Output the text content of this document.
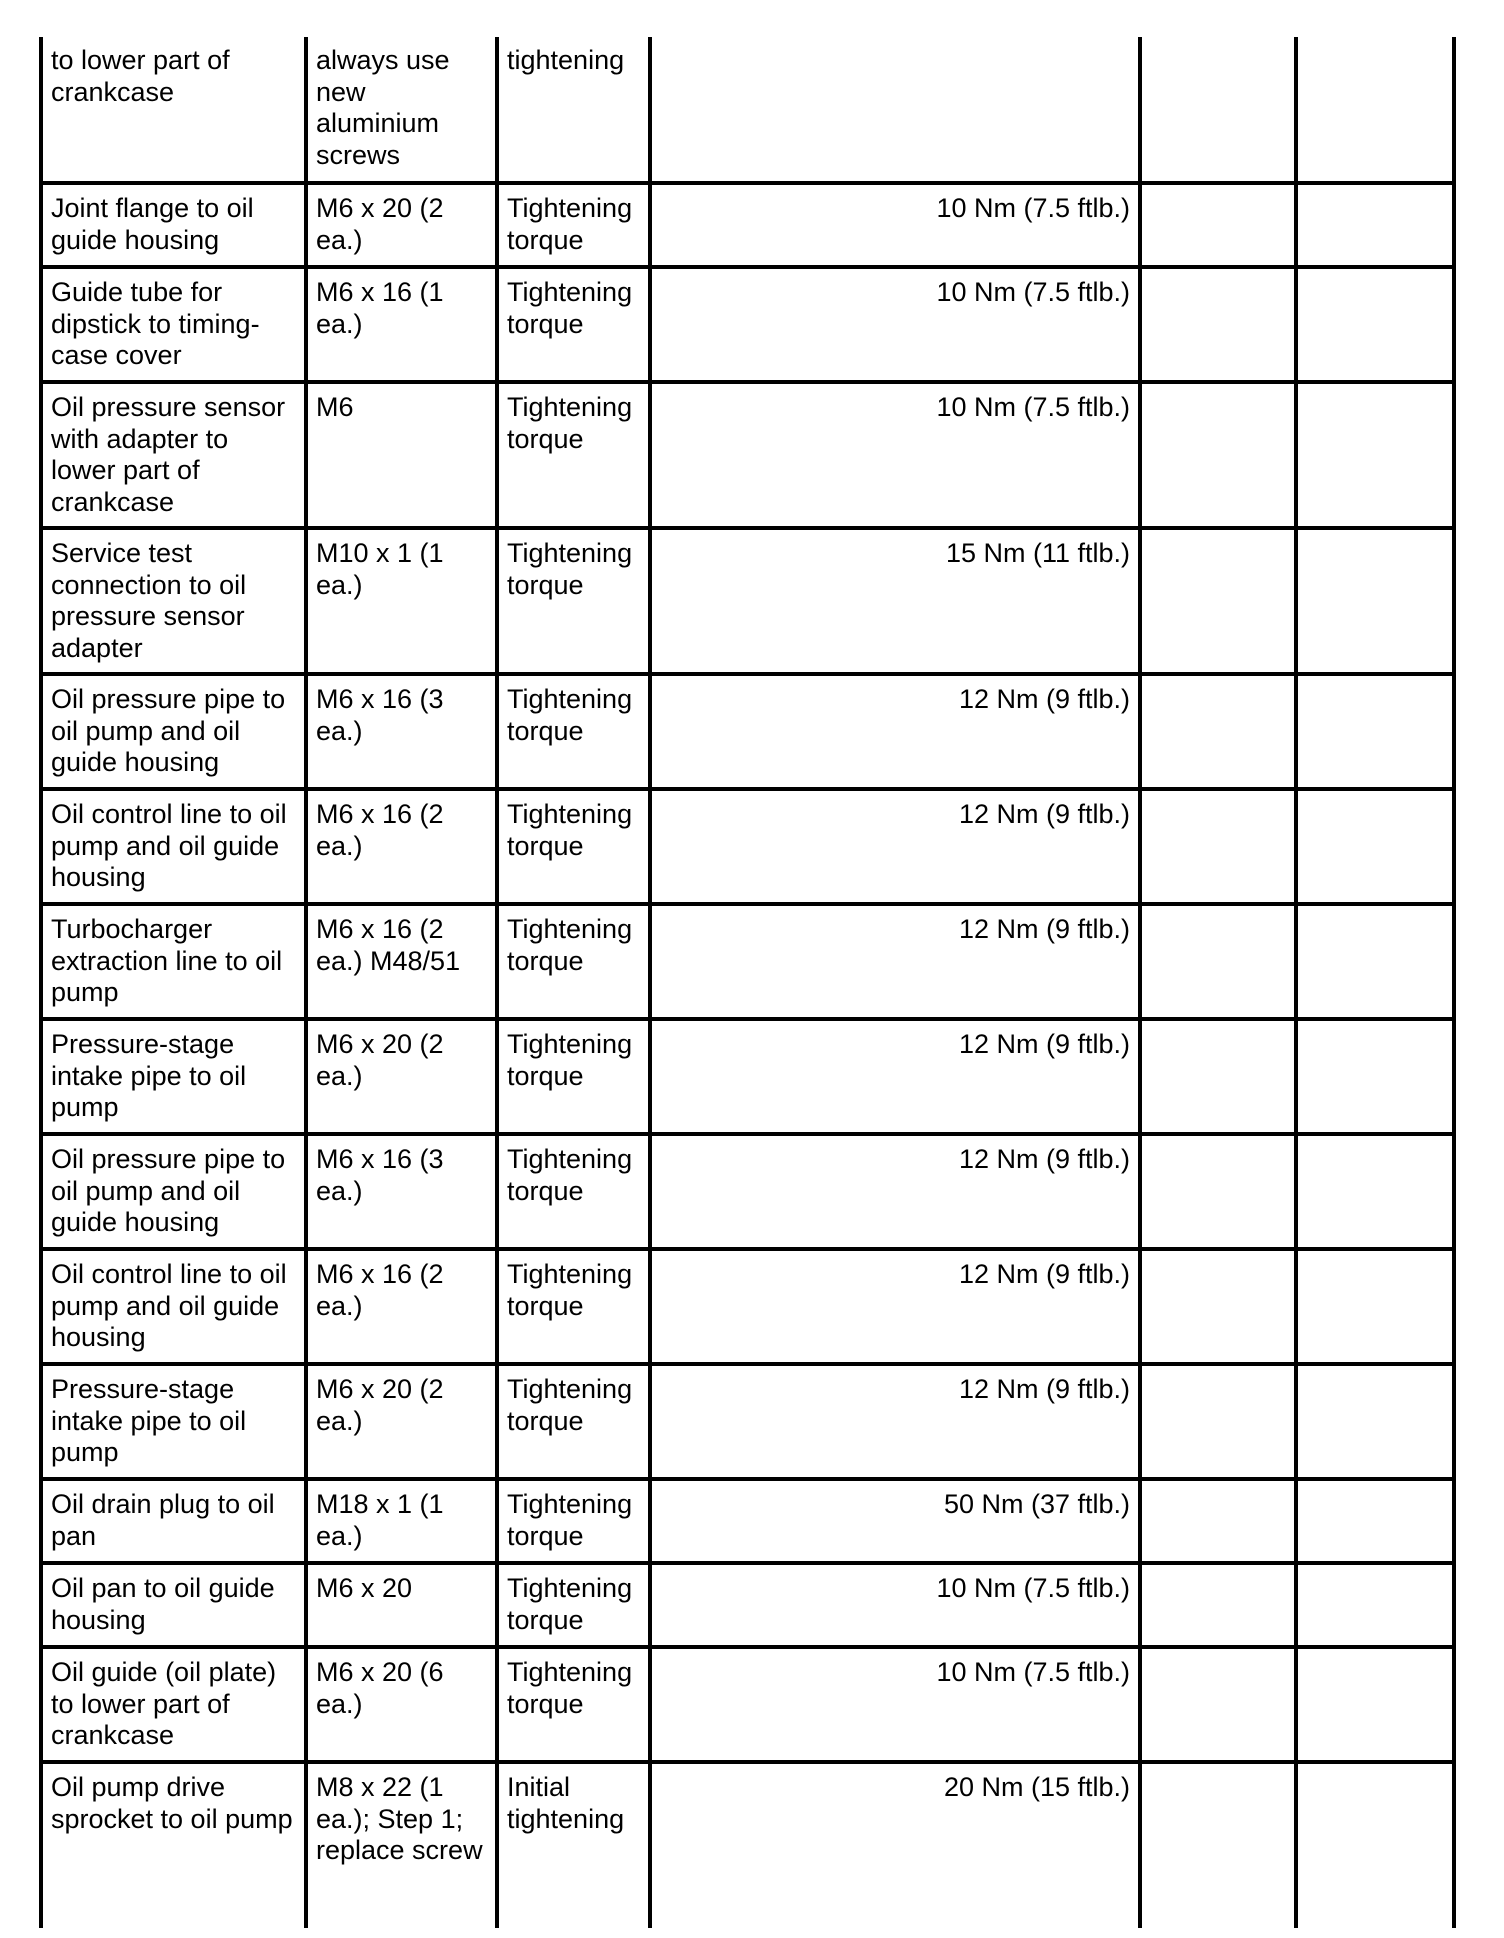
to lower part of crankcase	always use new aluminium screws	tightening			
Joint flange to oil guide housing	M6 x 20 (2 ea.)	Tightening torque	10 Nm (7.5 ftlb.)		
Guide tube for dipstick to timing-case cover	M6 x 16 (1 ea.)	Tightening torque	10 Nm (7.5 ftlb.)		
Oil pressure sensor with adapter to lower part of crankcase	M6	Tightening torque	10 Nm (7.5 ftlb.)		
Service test connection to oil pressure sensor adapter	M10 x 1 (1 ea.)	Tightening torque	15 Nm (11 ftlb.)		
Oil pressure pipe to oil pump and oil guide housing	M6 x 16 (3 ea.)	Tightening torque	12 Nm (9 ftlb.)		
Oil control line to oil pump and oil guide housing	M6 x 16 (2 ea.)	Tightening torque	12 Nm (9 ftlb.)		
Turbocharger extraction line to oil pump	M6 x 16 (2 ea.) M48/51	Tightening torque	12 Nm (9 ftlb.)		
Pressure-stage intake pipe to oil pump	M6 x 20 (2 ea.)	Tightening torque	12 Nm (9 ftlb.)		
Oil pressure pipe to oil pump and oil guide housing	M6 x 16 (3 ea.)	Tightening torque	12 Nm (9 ftlb.)		
Oil control line to oil pump and oil guide housing	M6 x 16 (2 ea.)	Tightening torque	12 Nm (9 ftlb.)		
Pressure-stage intake pipe to oil pump	M6 x 20 (2 ea.)	Tightening torque	12 Nm (9 ftlb.)		
Oil drain plug to oil pan	M18 x 1 (1 ea.)	Tightening torque	50 Nm (37 ftlb.)		
Oil pan to oil guide housing	M6 x 20	Tightening torque	10 Nm (7.5 ftlb.)		
Oil guide (oil plate) to lower part of crankcase	M6 x 20 (6 ea.)	Tightening torque	10 Nm (7.5 ftlb.)		
Oil pump drive sprocket to oil pump	M8 x 22 (1 ea.); Step 1; replace screw	Initial tightening	20 Nm (15 ftlb.)		
